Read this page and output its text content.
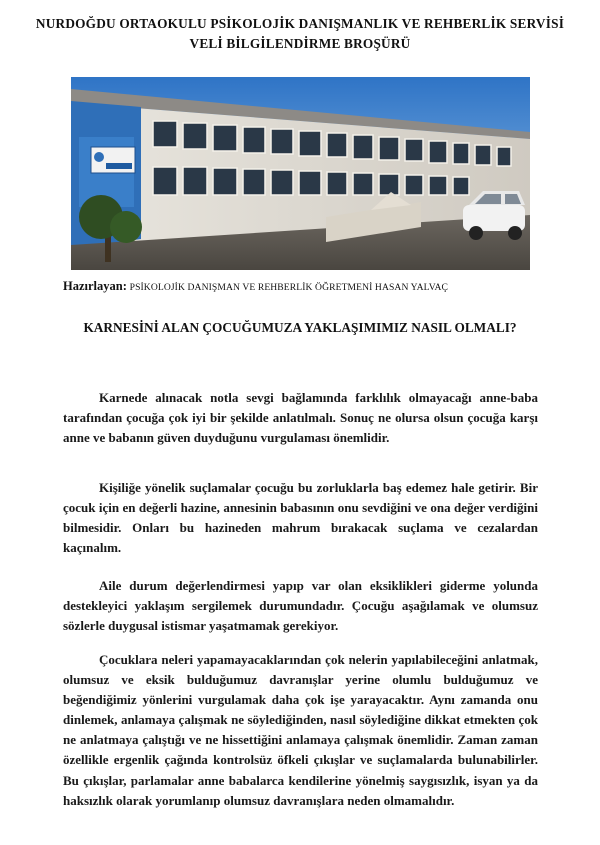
NURDOĞDU ORTAOKULU PSİKOLOJİK DANIŞMANLIK VE REHBERLİK SERVİSİ VELİ BİLGİLENDİRME BROŞÜRÜ
Hazırlayan: PSİKOLOJİK DANIŞMAN VE REHBERLİK ÖĞRETMENİ HASAN YALVAÇ
KARNESİNİ ALAN ÇOCUĞUMUZA YAKLAŞIMIMIZ NASIL OLMALI?

Karnede alınacak notla sevgi bağlamında farklılık olmayacağı anne-baba tarafından çocuğa çok iyi bir şekilde anlatılmalı. Sonuç ne olursa olsun çocuğa karşı anne ve babanın güven duyduğunu vurgulaması önemlidir.

Kişiliğe yönelik suçlamalar çocuğu bu zorluklarla baş edemez hale getirir. Bir çocuk için en değerli hazine, annesinin babasının onu sevdiğini ve ona değer verdiğini bilmesidir. Onları bu hazineden mahrum bırakacak suçlama ve cezalardan kaçınalım.

Aile durum değerlendirmesi yapıp var olan eksiklikleri giderme yolunda destekleyici yaklaşım sergilemek durumundadır. Çocuğu aşağılamak ve olumsuz sözlerle duygusal istismar yaşatmamak gerekiyor.

Çocuklara neleri yapamayacaklarından çok nelerin yapılabileceğini anlatmak, olumsuz ve eksik bulduğumuz davranışlar yerine olumlu bulduğumuz ve beğendiğimiz yönlerini vurgulamak daha çok işe yarayacaktır. Aynı zamanda onu dinlemek, anlamaya çalışmak ne söylediğinden, nasıl söylediğine dikkat etmekten çok ne anlatmaya çalıştığı ve ne hissettiğini anlamaya çalışmak önemlidir. Zaman zaman özellikle ergenlik çağında kontrolsüz öfkeli çıkışlar ve suçlamalarda bulunabilirler. Bu çıkışlar, parlamalar anne babalarca kendilerine yönelmiş saygısızlık, isyan ya da haksızlık olarak yorumlanıp olumsuz davranışlara neden olmamalıdır.
